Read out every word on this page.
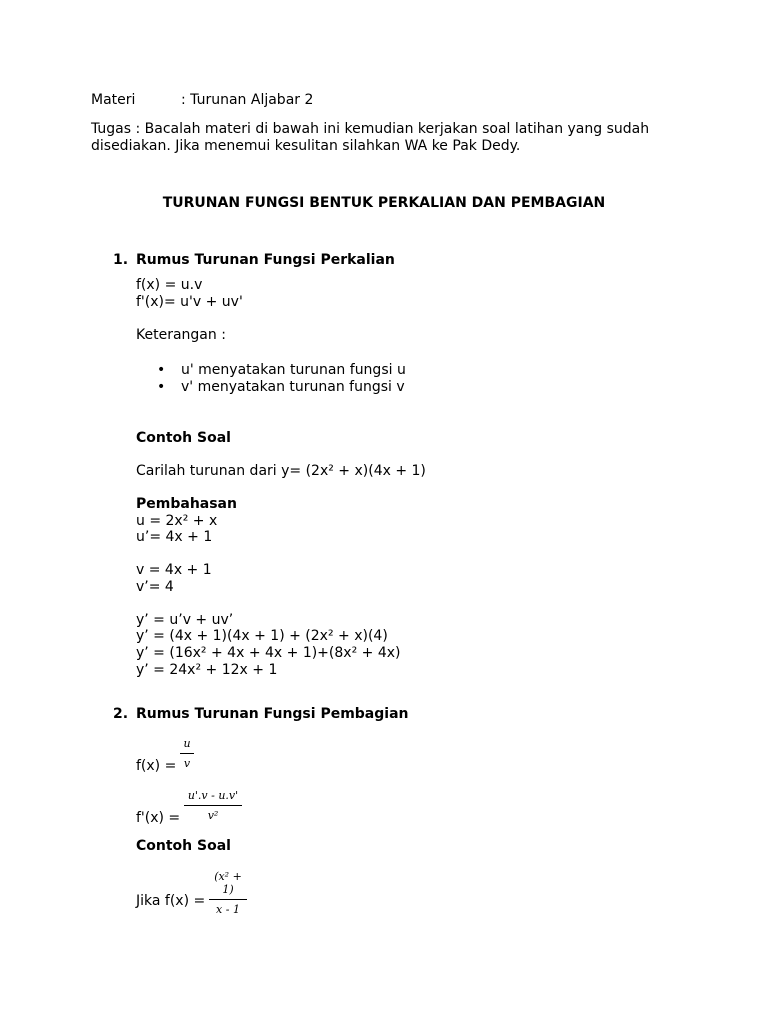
Materi	: Turunan Aljabar 2
Tugas : Bacalah materi di bawah ini kemudian kerjakan soal latihan yang sudah
disediakan. Jika menemui kesulitan silahkan WA ke Pak Dedy.
TURUNAN FUNGSI BENTUK PERKALIAN DAN PEMBAGIAN
1. Rumus Turunan Fungsi Perkalian
f(x) = u.v
f'(x)= u'v + uv'
Keterangan :
• u' menyatakan turunan fungsi u
• v' menyatakan turunan fungsi v
Contoh Soal
Carilah turunan dari y= (2x² + x)(4x + 1)
Pembahasan
u = 2x² + x
u’= 4x + 1
v = 4x + 1
v’= 4
y’ = u’v + uv’
y’ = (4x + 1)(4x + 1) + (2x² + x)(4)
y’ = (16x² + 4x + 4x + 1)+(8x² + 4x)
y’ = 24x² + 12x + 1
2. Rumus Turunan Fungsi Pembagian
f(x) =
u
v
f'(x) =
u'.v - u.v'
v²
Contoh Soal
Jika f(x) =
(x² + 1)
x - 1
